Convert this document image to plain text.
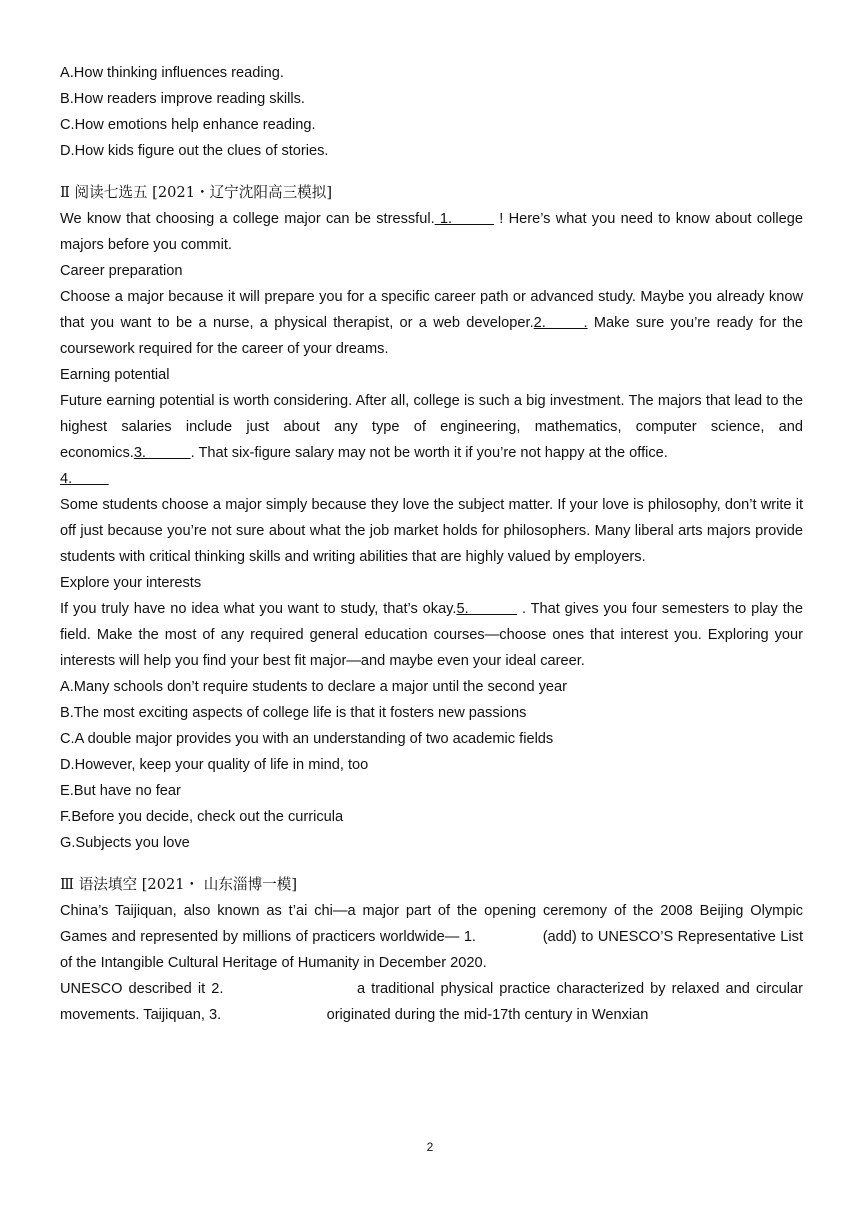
A.How thinking influences reading.
B.How readers improve reading skills.
C.How emotions help enhance reading.
D.How kids figure out the clues of stories.
Ⅱ 阅读七选五 [2021・辽宁沈阳高三模拟]
We know that choosing a college major can be stressful. 1.         ! Here’s what you need to know about college majors before you commit.
Career preparation
Choose a major because it will prepare you for a specific career path or advanced study. Maybe you already know that you want to be a nurse, a physical therapist, or a web developer.2.      . Make sure you’re ready for the coursework required for the career of your dreams.
Earning potential
Future earning potential is worth considering. After all, college is such a big investment. The majors that lead to the highest salaries include just about any type of engineering, mathematics, computer science, and economics.3.           . That six-figure salary may not be worth it if you’re not happy at the office.
4.
Some students choose a major simply because they love the subject matter. If your love is philosophy, don’t write it off just because you’re not sure about what the job market holds for philosophers. Many liberal arts majors provide students with critical thinking skills and writing abilities that are highly valued by employers.
Explore your interests
If you truly have no idea what you want to study, that’s okay.5.           . That gives you four semesters to play the field. Make the most of any required general education courses—choose ones that interest you. Exploring your interests will help you find your best fit major—and maybe even your ideal career.
A.Many schools don’t require students to declare a major until the second year
B.The most exciting aspects of college life is that it fosters new passions
C.A double major provides you with an understanding of two academic fields
D.However, keep your quality of life in mind, too
E.But have no fear
F.Before you decide, check out the curricula
G.Subjects you love
Ⅲ 语法填空 [2021・ 山东淄博一模]
China’s Taijiquan, also known as t’ai chi—a major part of the opening ceremony of the 2008 Beijing Olympic Games and represented by millions of practicers worldwide— 1.               (add) to UNESCO’S Representative List of the Intangible Cultural Heritage of Humanity in December 2020.
UNESCO described it 2.                      a traditional physical practice characterized by relaxed and circular movements. Taijiquan, 3.                          originated during the mid-17th century in Wenxian
2
